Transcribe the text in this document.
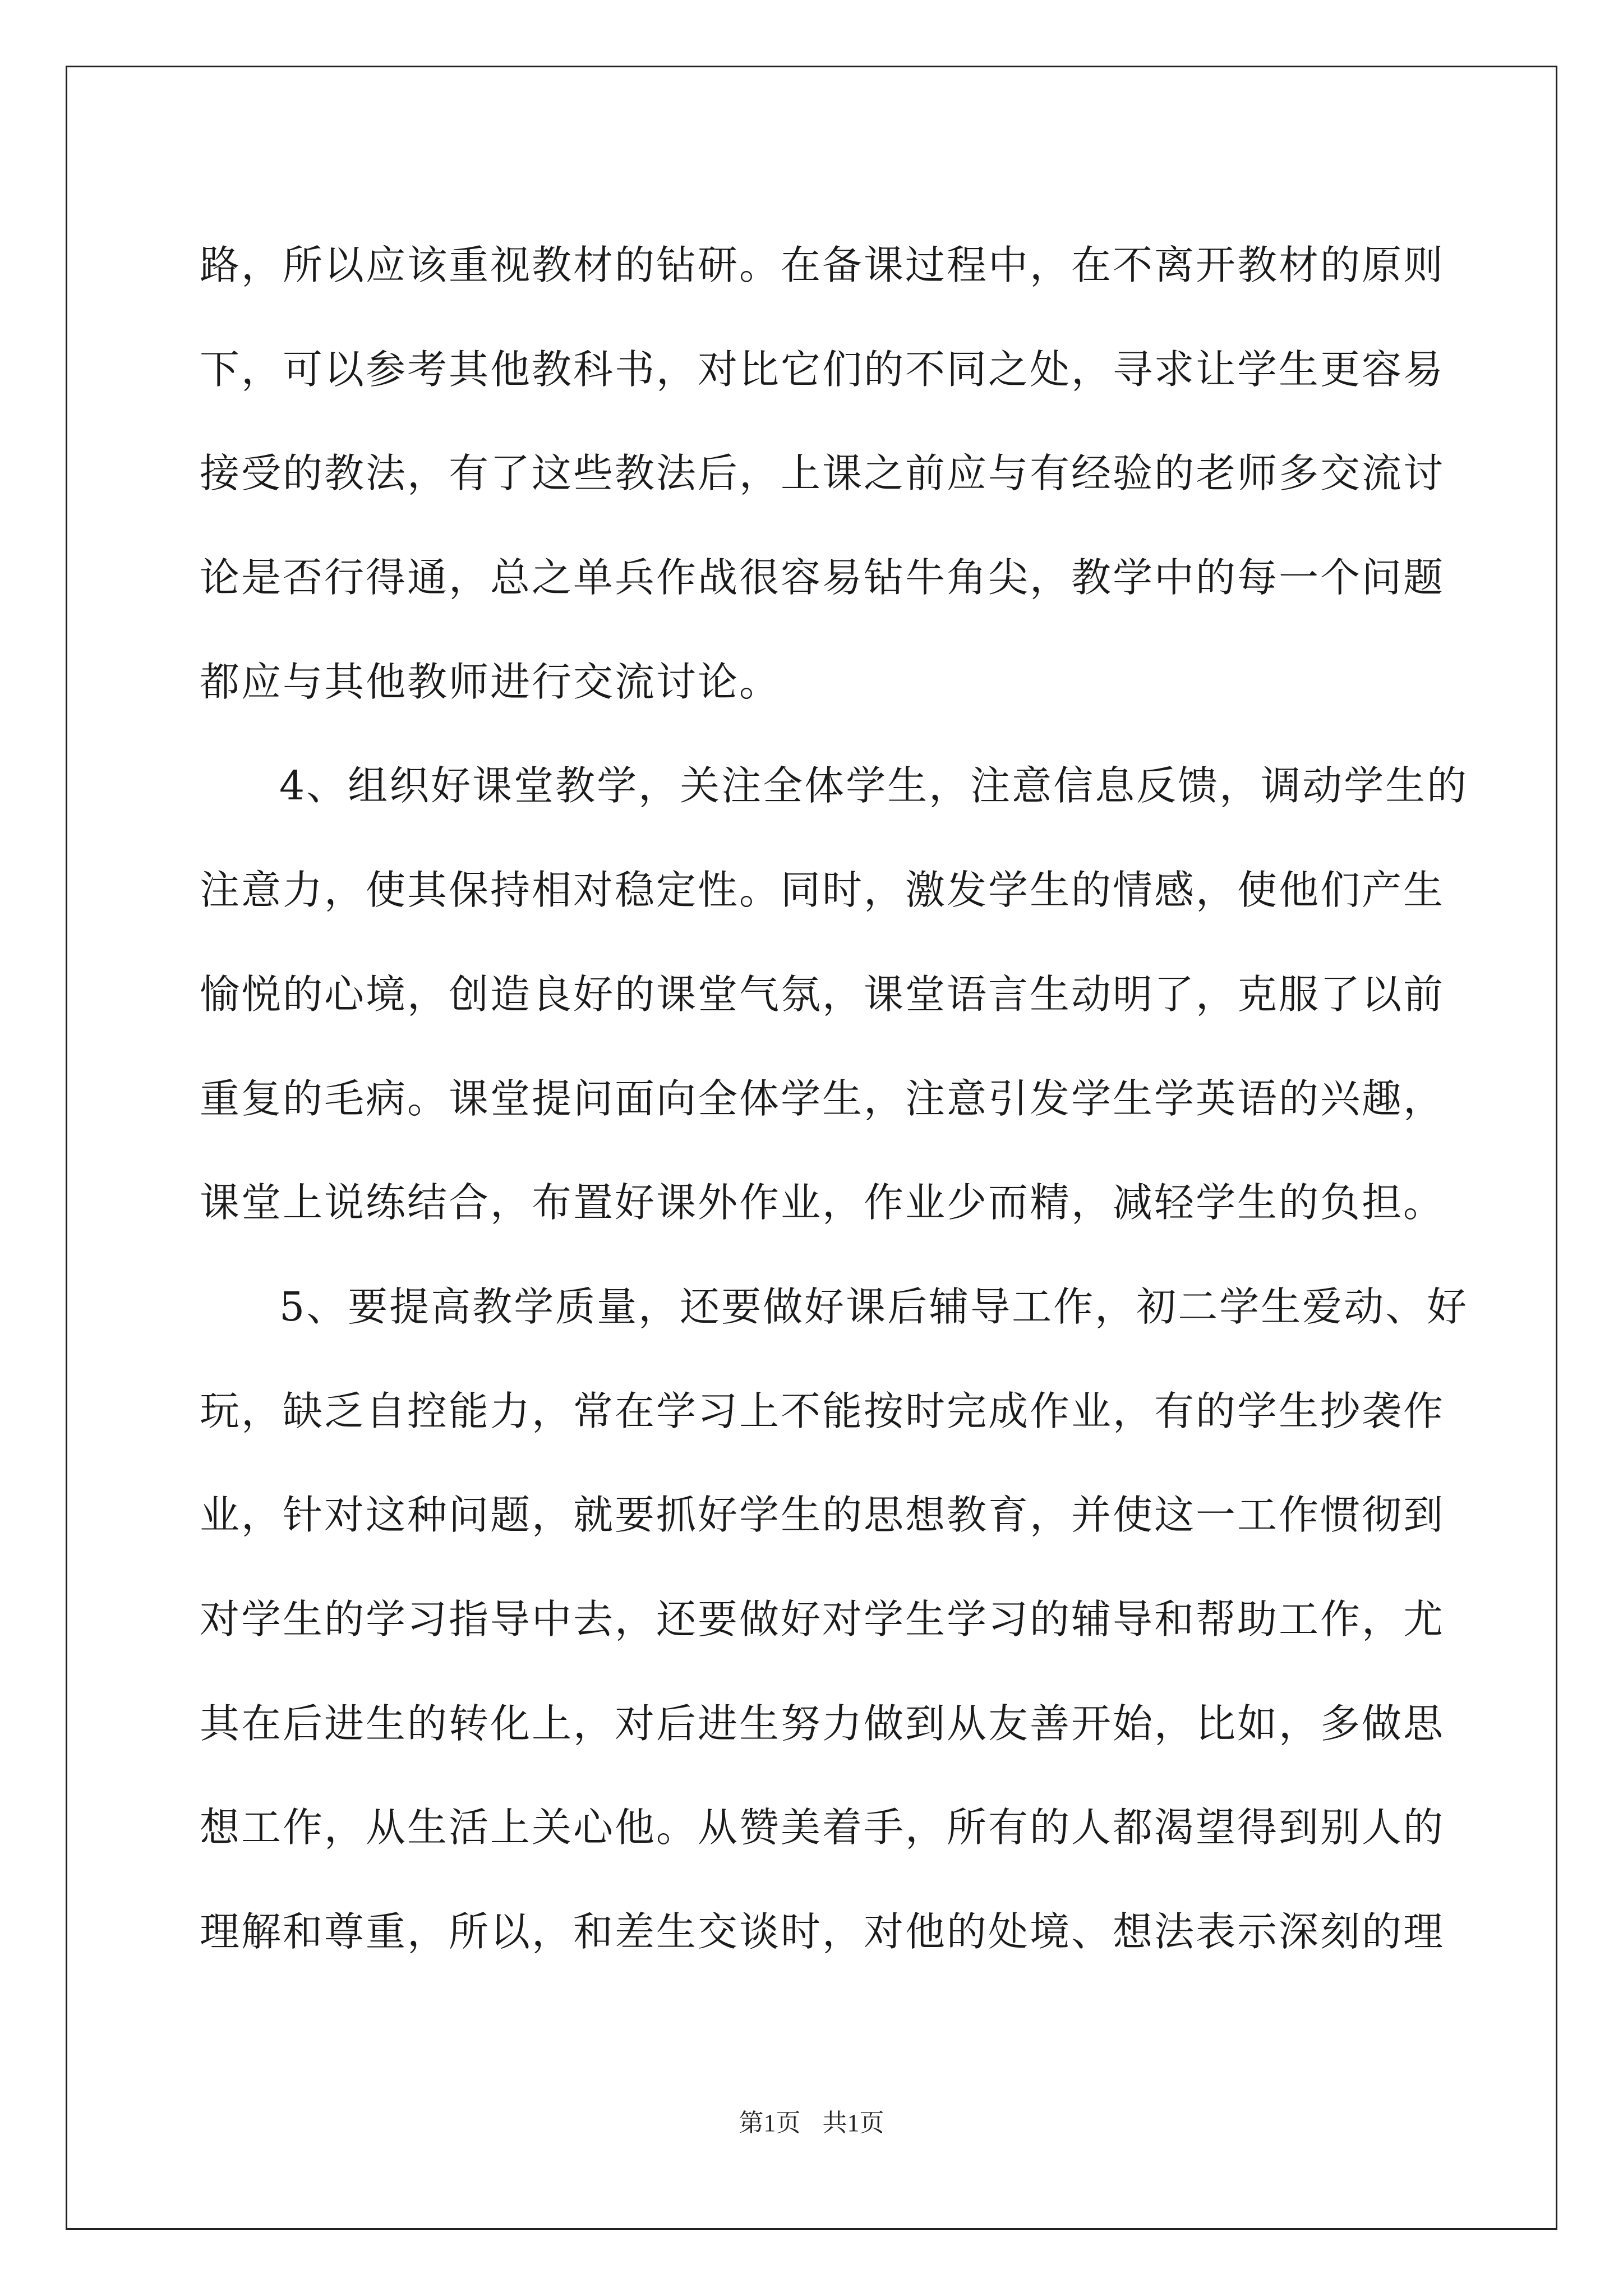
路，所以应该重视教材的钻研。在备课过程中，在不离开教材的原则
下，可以参考其他教科书，对比它们的不同之处，寻求让学生更容易
接受的教法，有了这些教法后，上课之前应与有经验的老师多交流讨
论是否行得通，总之单兵作战很容易钻牛角尖，教学中的每一个问题
都应与其他教师进行交流讨论。
4、组织好课堂教学，关注全体学生，注意信息反馈，调动学生的
注意力，使其保持相对稳定性。同时，激发学生的情感，使他们产生
愉悦的心境，创造良好的课堂气氛，课堂语言生动明了，克服了以前
重复的毛病。课堂提问面向全体学生，注意引发学生学英语的兴趣，
课堂上说练结合，布置好课外作业，作业少而精，减轻学生的负担。
5、要提高教学质量，还要做好课后辅导工作，初二学生爱动、好
玩，缺乏自控能力，常在学习上不能按时完成作业，有的学生抄袭作
业，针对这种问题，就要抓好学生的思想教育，并使这一工作惯彻到
对学生的学习指导中去，还要做好对学生学习的辅导和帮助工作，尤
其在后进生的转化上，对后进生努力做到从友善开始，比如，多做思
想工作，从生活上关心他。从赞美着手，所有的人都渴望得到别人的
理解和尊重，所以，和差生交谈时，对他的处境、想法表示深刻的理
第1页 共1页
